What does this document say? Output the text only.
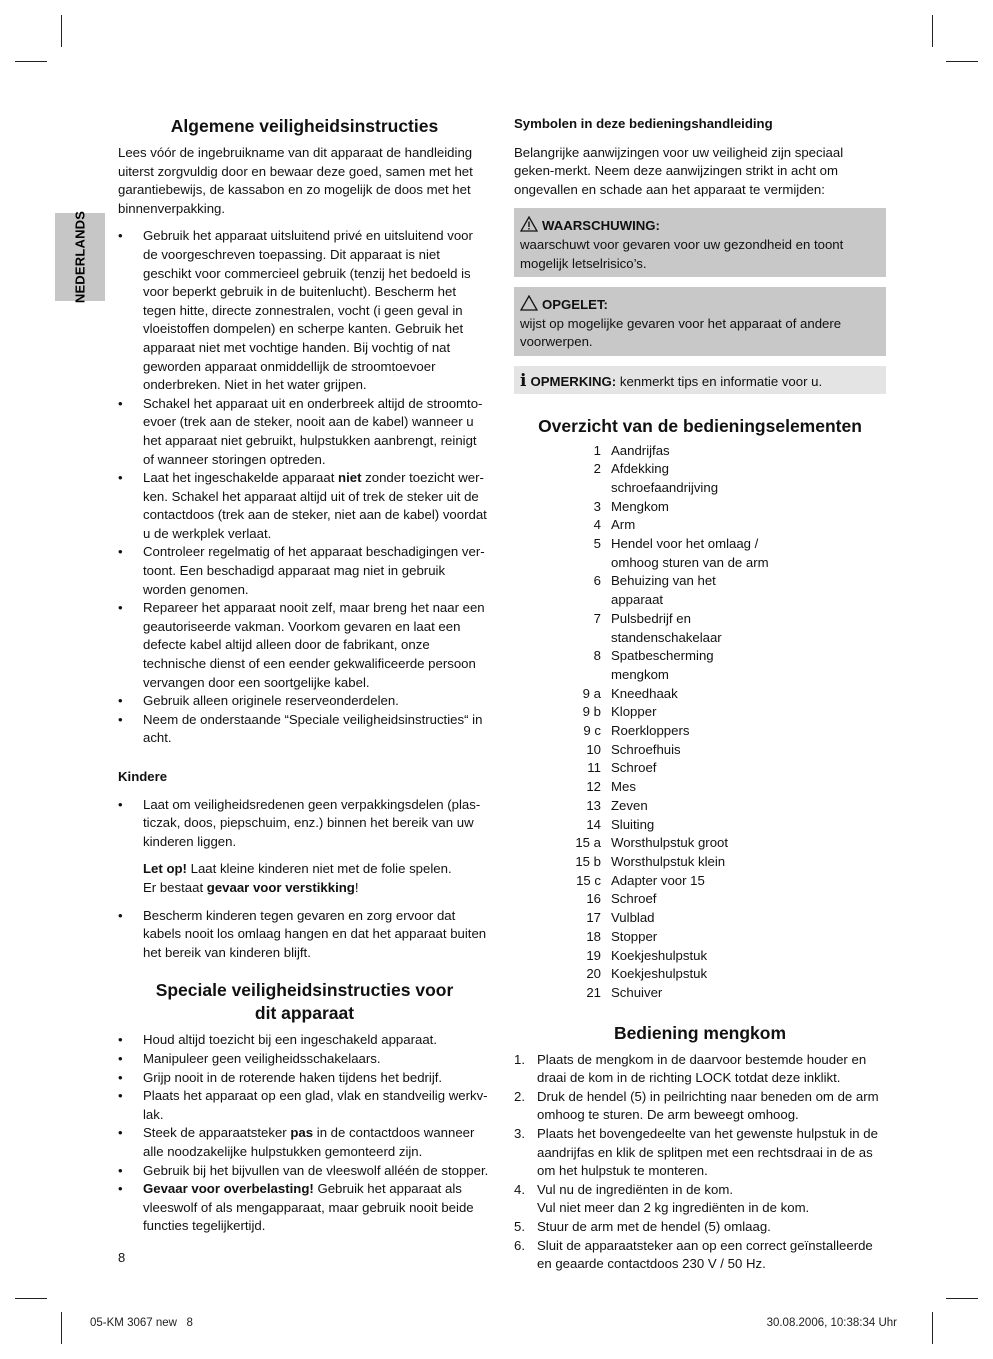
NEDERLANDS
Algemene veiligheidsinstructies

Lees vóór de ingebruikname van dit apparaat de handleiding uiterst zorgvuldig door en bewaar deze goed, samen met het garantiebewijs, de kassabon en zo mogelijk de doos met het binnenverpakking.

• Gebruik het apparaat uitsluitend privé en uitsluitend voor de voorgeschreven toepassing. Dit apparaat is niet geschikt voor commercieel gebruik (tenzij het bedoeld is voor beperkt gebruik in de buitenlucht). Bescherm het tegen hitte, directe zonnestralen, vocht (i geen geval in vloeistoffen dompelen) en scherpe kanten. Gebruik het apparaat niet met vochtige handen. Bij vochtig of nat geworden apparaat onmiddellijk de stroomtoevoer onderbreken. Niet in het water grijpen.
• Schakel het apparaat uit en onderbreek altijd de stroomto-evoer (trek aan de steker, nooit aan de kabel) wanneer u het apparaat niet gebruikt, hulpstukken aanbrengt, reinigt of wanneer storingen optreden.
• Laat het ingeschakelde apparaat niet zonder toezicht wer-ken. Schakel het apparaat altijd uit of trek de steker uit de contactdoos (trek aan de steker, niet aan de kabel) voordat u de werkplek verlaat.
• Controleer regelmatig of het apparaat beschadigingen ver-toont. Een beschadigd apparaat mag niet in gebruik worden genomen.
• Repareer het apparaat nooit zelf, maar breng het naar een geautoriseerde vakman. Voorkom gevaren en laat een defecte kabel altijd alleen door de fabrikant, onze technische dienst of een eender gekwalificeerde persoon vervangen door een soortgelijke kabel.
• Gebruik alleen originele reserveonderdelen.
• Neem de onderstaande “Speciale veiligheidsinstructies“ in acht.
Kindere
• Laat om veiligheidsredenen geen verpakkingsdelen (plas-ticzak, doos, piepschuim, enz.) binnen het bereik van uw kinderen liggen.

Let op! Laat kleine kinderen niet met de folie spelen.
Er bestaat gevaar voor verstikking!

• Bescherm kinderen tegen gevaren en zorg ervoor dat kabels nooit los omlaag hangen en dat het apparaat buiten het bereik van kinderen blijft.
Speciale veiligheidsinstructies voor dit apparaat
• Houd altijd toezicht bij een ingeschakeld apparaat.
• Manipuleer geen veiligheidsschakelaars.
• Grijp nooit in de roterende haken tijdens het bedrijf.
• Plaats het apparaat op een glad, vlak en standveilig werkv-lak.
• Steek de apparaatsteker pas in de contactdoos wanneer alle noodzakelijke hulpstukken gemonteerd zijn.
• Gebruik bij het bijvullen van de vleeswolf alléén de stopper.
• Gevaar voor overbelasting! Gebruik het apparaat als vleeswolf of als mengapparaat, maar gebruik nooit beide functies tegelijkertijd.
Symbolen in deze bedieningshandleiding

Belangrijke aanwijzingen voor uw veiligheid zijn speciaal geken-merkt. Neem deze aanwijzingen strikt in acht om ongevallen en schade aan het apparaat te vermijden:

WAARSCHUWING:
waarschuwt voor gevaren voor uw gezondheid en toont mogelijk letselrisico’s.
OPGELET:
wijst op mogelijke gevaren voor het apparaat of andere voorwerpen.
i OPMERKING: kenmerkt tips en informatie voor u.
Overzicht van de bedieningselementen
1	Aandrijfas
2	Afdekking schroefaandrijving
3	Mengkom
4	Arm
5	Hendel voor het omlaag / omhoog sturen van de arm
6	Behuizing van het apparaat
7	Pulsbedrijf en standenschakelaar
8	Spatbescherming mengkom
9 a	Kneedhaak
9 b	Klopper
9 c	Roerkloppers
10	Schroefhuis
11	Schroef
12	Mes
13	Zeven
14	Sluiting
15 a	Worsthulpstuk groot
15 b	Worsthulpstuk klein
15 c	Adapter voor 15
16	Schroef
17	Vulblad
18	Stopper
19	Koekjeshulpstuk
20	Koekjeshulpstuk
21	Schuiver
Bediening mengkom
1. Plaats de mengkom in de daarvoor bestemde houder en draai de kom in de richting LOCK totdat deze inklikt.
2. Druk de hendel (5) in peilrichting naar beneden om de arm omhoog te sturen. De arm beweegt omhoog.
3. Plaats het bovengedeelte van het gewenste hulpstuk in de aandrijfas en klik de splitpen met een rechtsdraai in de as om het hulpstuk te monteren.
4. Vul nu de ingrediënten in de kom.
Vul niet meer dan 2 kg ingrediënten in de kom.
5. Stuur de arm met de hendel (5) omlaag.
6. Sluit de apparaatsteker aan op een correct geïnstalleerde en geaarde contactdoos 230 V / 50 Hz.
8
05-KM 3067 new   8	30.08.2006, 10:38:34 Uhr
